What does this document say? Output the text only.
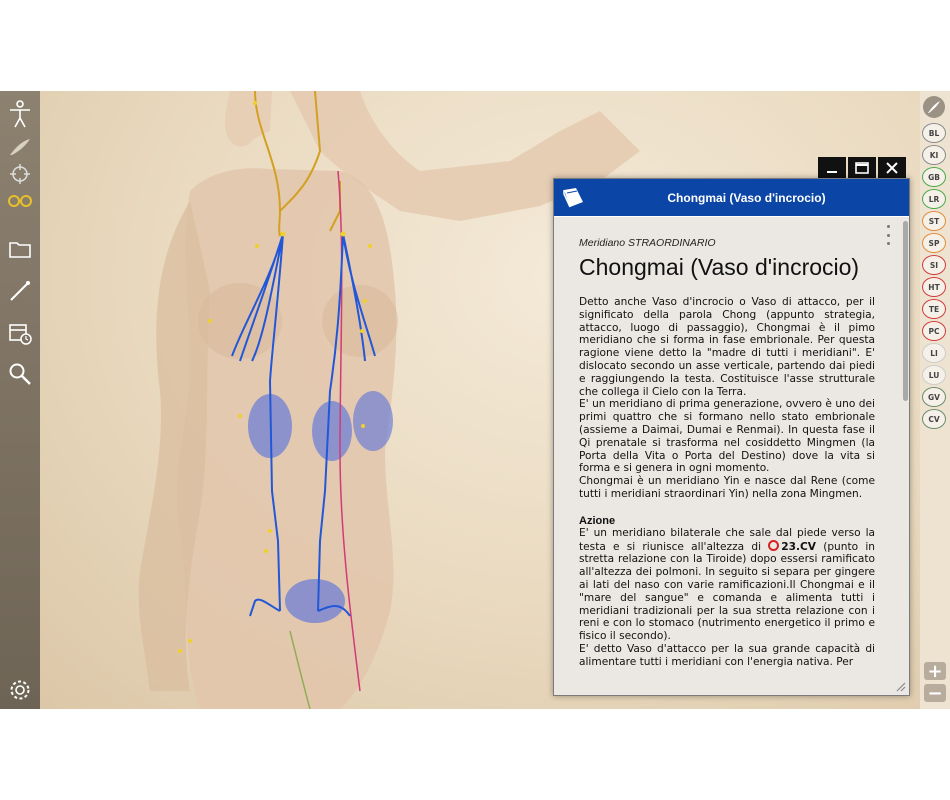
BL
KI
GB
LR
ST
SP
SI
HT
TE
PC
LI
LU
GV
CV
+
−
Chongmai (Vaso d'incrocio)
Meridiano STRAORDINARIO
Chongmai (Vaso d'incrocio)

Detto anche Vaso d'incrocio o Vaso di attacco, per il significato della parola Chong (appunto strategia, attacco, luogo di passaggio), Chongmai è il pimo meridiano che si forma in fase embrionale. Per questa ragione viene detto la "madre di tutti i meridiani". E' dislocato secondo un asse verticale, partendo dai piedi e raggiungendo la testa. Costituisce l'asse strutturale che collega il Cielo con la Terra.

E' un meridiano di prima generazione, ovvero è uno dei primi quattro che si formano nello stato embrionale (assieme a Daimai, Dumai e Renmai). In questa fase il Qi prenatale si trasforma nel cosiddetto Mingmen (la Porta della Vita o Porta del Destino) dove la vita si forma e si genera in ogni momento.

Chongmai è un meridiano Yin e nasce dal Rene (come tutti i meridiani straordinari Yin) nella zona Mingmen.

Azione

E' un meridiano bilaterale che sale dal piede verso la testa e si riunisce all'altezza di 23.CV (punto in stretta relazione con la Tiroide) dopo essersi ramificato all'altezza dei polmoni. In seguito si separa per gingere ai lati del naso con varie ramificazioni.Il Chongmai e il "mare del sangue" e comanda e alimenta tutti i meridiani tradizionali per la sua stretta relazione con i reni e con lo stomaco (nutrimento energetico il primo e fisico il secondo).

E' detto Vaso d'attacco per la sua grande capacità di alimentare tutti i meridiani con l'energia nativa. Per
